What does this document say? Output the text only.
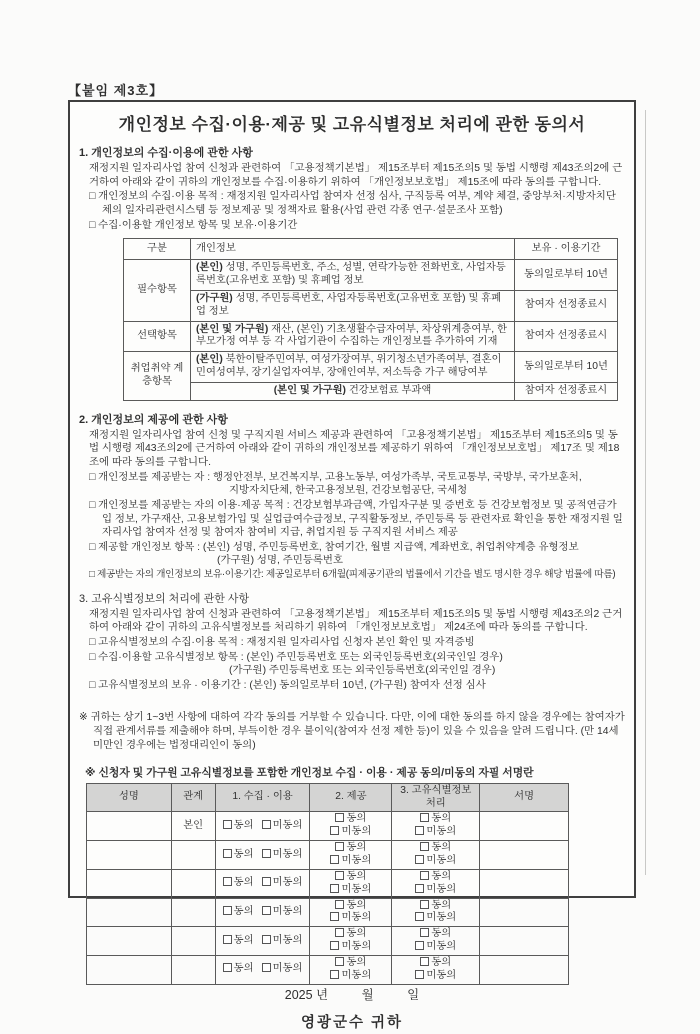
【붙임 제3호】
개인정보 수집·이용·제공 및 고유식별정보 처리에 관한 동의서
1. 개인정보의 수집·이용에 관한 사항
재정지원 일자리사업 참여 신청과 관련하여 「고용정책기본법」 제15조부터 제15조의5 및 동법 시행령 제43조의2에 근거하여 아래와 같이 귀하의 개인정보를 수집·이용하기 위하여 「개인정보보호법」 제15조에 따라 동의를 구합니다.
□ 개인정보의 수집·이용 목적 : 재정지원 일자리사업 참여자 선정 심사, 구직등록 여부, 계약 체결, 중앙부처·지방자치단체의 일자리관련시스템 등 정보제공 및 정책자료 활용(사업 관련 각종 연구·설문조사 포함)
□ 수집·이용할 개인정보 항목 및 보유·이용기간
구분	개인정보	보유 · 이용기간
필수항목	(본인) 성명, 주민등록번호, 주소, 성별, 연락가능한 전화번호, 사업자등록번호(고유번호 포함) 및 휴폐업 정보	동의일로부터 10년
	(가구원) 성명, 주민등록번호, 사업자등록번호(고유번호 포함) 및 휴폐업 정보	참여자 선정종료시
선택항목	(본인 및 가구원) 재산, (본인) 기초생활수급자여부, 차상위계층여부, 한부모가정 여부 등 각 사업기관이 수집하는 개인정보를 추가하여 기재	참여자 선정종료시
취업취약 계층항목	(본인) 북한이탈주민여부, 여성가장여부, 위기청소년가족여부, 결혼이민여성여부, 장기실업자여부, 장애인여부, 저소득층 가구 해당여부	동의일로부터 10년
	(본인 및 가구원) 건강보험료 부과액	참여자 선정종료시
2. 개인정보의 제공에 관한 사항
재정지원 일자리사업 참여 신청 및 구직지원 서비스 제공과 관련하여 「고용정책기본법」 제15조부터 제15조의5 및 동법 시행령 제43조의2에 근거하여 아래와 같이 귀하의 개인정보를 제공하기 위하여 「개인정보보호법」 제17조 및 제18조에 따라 동의를 구합니다.
□ 개인정보를 제공받는 자 : 행정안전부, 보건복지부, 고용노동부, 여성가족부, 국토교통부, 국방부, 국가보훈처,
지방자치단체, 한국고용정보원, 건강보험공단, 국세청
□ 개인정보를 제공받는 자의 이용·제공 목적 : 건강보험부과금액, 가입자구분 및 증번호 등 건강보험정보 및 공적연금가입 정보, 가구재산, 고용보험가입 및 실업급여수급정보, 구직활동정보, 주민등록 등 관련자료 확인을 통한 재정지원 일자리사업 참여자 선정 및 참여자 참여비 지급, 취업지원 등 구직지원 서비스 제공
□ 제공할 개인정보 항목 : (본인) 성명, 주민등록번호, 참여기간, 월별 지급액, 계좌번호, 취업취약계층 유형정보
(가구원) 성명, 주민등록번호
□ 제공받는 자의 개인정보의 보유·이용기간: 제공일로부터 6개월(피제공기관의 법률에서 기간을 별도 명시한 경우 해당 법률에 따름)
3. 고유식별정보의 처리에 관한 사항
재정지원 일자리사업 참여 신청과 관련하여 「고용정책기본법」 제15조부터 제15조의5 및 동법 시행령 제43조의2 근거하여 아래와 같이 귀하의 고유식별정보를 처리하기 위하여 「개인정보보호법」 제24조에 따라 동의를 구합니다.
□ 고유식별정보의 수집·이용 목적 : 재정지원 일자리사업 신청자 본인 확인 및 자격증빙
□ 수집·이용할 고유식별정보 항목 : (본인) 주민등록번호 또는 외국인등록번호(외국인일 경우)
(가구원) 주민등록번호 또는 외국인등록번호(외국인일 경우)
□ 고유식별정보의 보유 · 이용기간 : (본인) 동의일로부터 10년, (가구원) 참여자 선정 심사
※ 귀하는 상기 1~3번 사항에 대하여 각각 동의를 거부할 수 있습니다. 다만, 이에 대한 동의를 하지 않을 경우에는 참여자가 직접 관계서류를 제출해야 하며, 부득이한 경우 불이익(참여자 선정 제한 등)이 있을 수 있음을 알려 드립니다. (만 14세 미만인 경우에는 법정대리인이 동의)
※ 신청자 및 가구원 고유식별정보를 포함한 개인정보 수집 · 이용 · 제공 동의/미동의 자필 서명란
성명	관계	1. 수집 · 이용	2. 제공	3. 고유식별정보처리	서명
	본인	동의 미동의	동의미동의	동의미동의	
		동의 미동의	동의미동의	동의미동의	
		동의 미동의	동의미동의	동의미동의	
		동의 미동의	동의미동의	동의미동의	
		동의 미동의	동의미동의	동의미동의	
		동의 미동의	동의미동의	동의미동의	
2025 년	월	일
영광군수 귀하
